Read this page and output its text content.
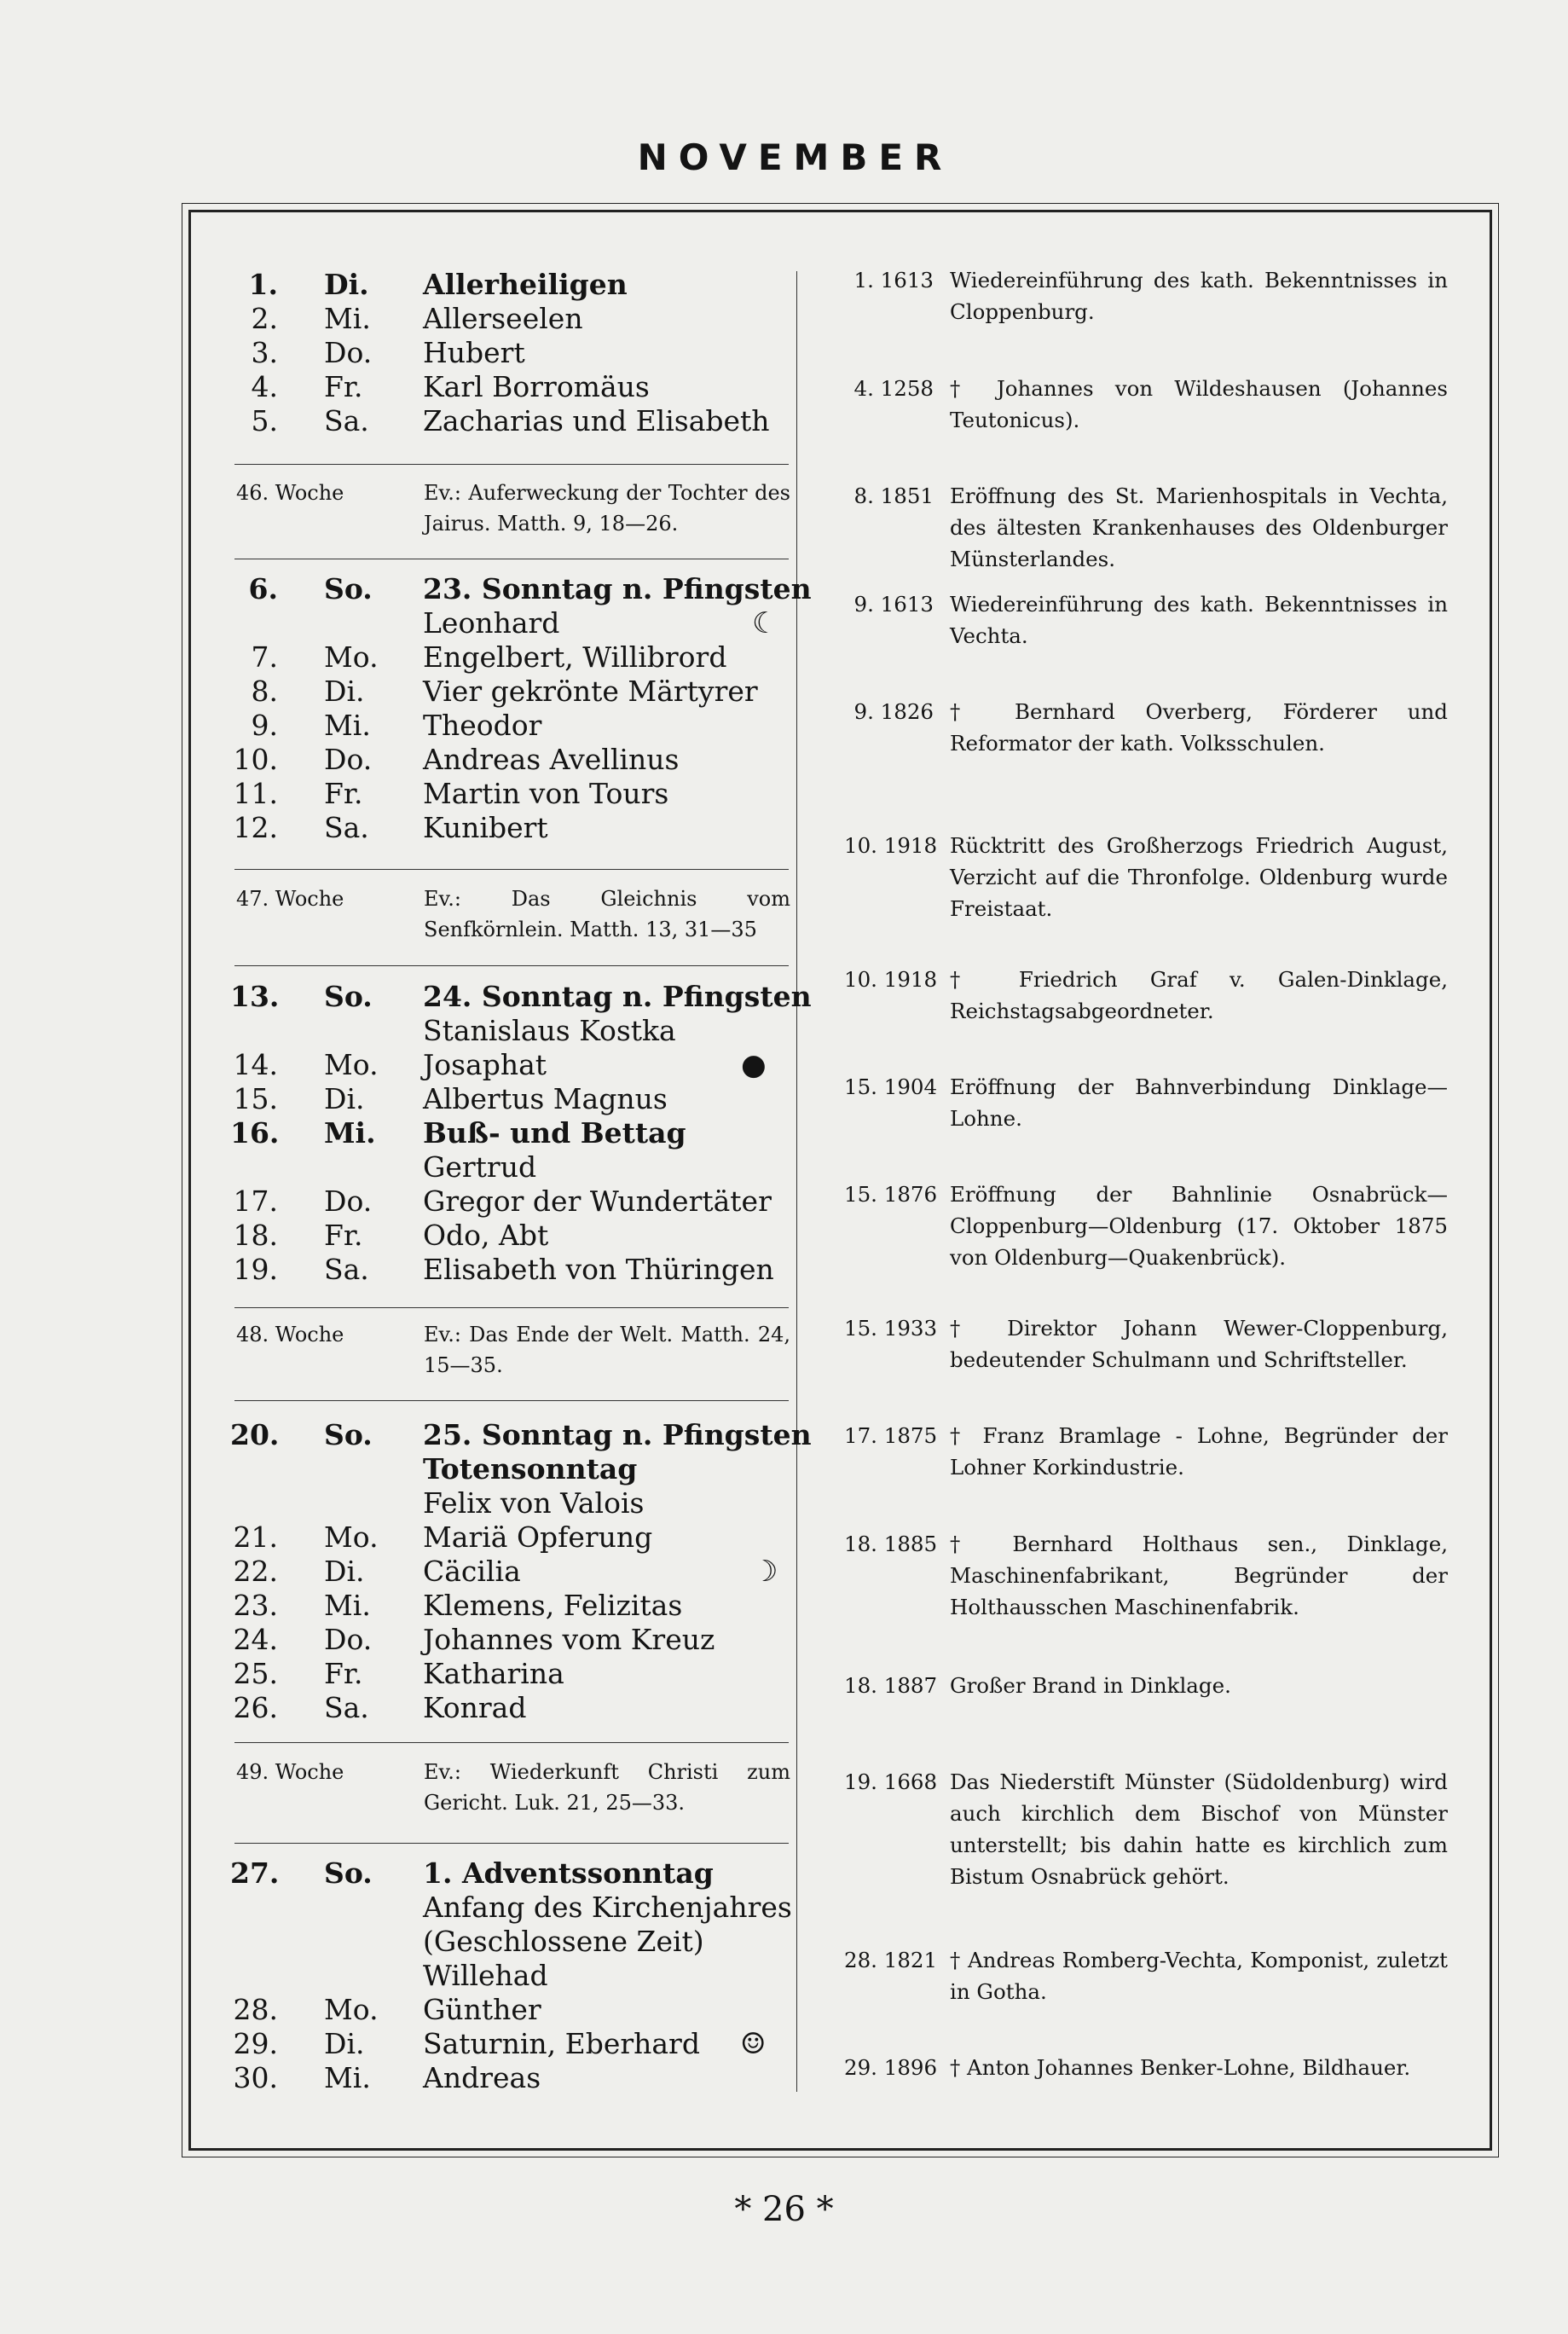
NOVEMBER
1. Di. Allerheiligen
2. Mi. Allerseelen
3. Do. Hubert
4. Fr. Karl Borromäus
5. Sa. Zacharias und Elisabeth
6. So. 23. Sonntag n. Pfingsten
Leonhard
7. Mo. Engelbert, Willibrord
8. Di. Vier gekrönte Märtyrer
9. Mi. Theodor
10. Do. Andreas Avellinus
11. Fr. Martin von Tours
12. Sa. Kunibert
13. So. 24. Sonntag n. Pfingsten
Stanislaus Kostka
14. Mo. Josaphat
15. Di. Albertus Magnus
16. Mi. Buß- und Bettag
Gertrud
17. Do. Gregor der Wundertäter
18. Fr. Odo, Abt
19. Sa. Elisabeth von Thüringen
20. So. 25. Sonntag n. Pfingsten
Totensonntag
Felix von Valois
21. Mo. Mariä Opferung
22. Di. Cäcilia
23. Mi. Klemens, Felizitas
24. Do. Johannes vom Kreuz
25. Fr. Katharina
26. Sa. Konrad
27. So. 1. Adventssonntag
Anfang des Kirchenjahres
(Geschlossene Zeit)
Willehad
28. Mo. Günther
29. Di. Saturnin, Eberhard
30. Mi. Andreas
46. Woche	Ev.: Auferweckung der Tochter des Jairus. Matth. 9, 18—26.
47. Woche	Ev.: Das Gleichnis vom Senfkörnlein. Matth. 13, 31—35
48. Woche	Ev.: Das Ende der Welt. Matth. 24, 15—35.
49. Woche	Ev.: Wiederkunft Christi zum Gericht. Luk. 21, 25—33.
☾
●
☽
☺
1. 1613 Wiedereinführung des kath. Bekenntnisses in Cloppenburg.
4. 1258 † Johannes von Wildeshausen (Johannes Teutonicus).
8. 1851 Eröffnung des St. Marienhospitals in Vechta, des ältesten Krankenhauses des Oldenburger Münsterlandes.
9. 1613 Wiedereinführung des kath. Bekenntnisses in Vechta.
9. 1826 † Bernhard Overberg, Förderer und Reformator der kath. Volksschulen.
10. 1918 Rücktritt des Großherzogs Friedrich August, Verzicht auf die Thronfolge. Oldenburg wurde Freistaat.
10. 1918 † Friedrich Graf v. Galen-Dinklage, Reichstagsabgeordneter.
15. 1904 Eröffnung der Bahnverbindung Dinklage—Lohne.
15. 1876 Eröffnung der Bahnlinie Osnabrück—Cloppenburg—Oldenburg (17. Oktober 1875 von Oldenburg—Quakenbrück).
15. 1933 † Direktor Johann Wewer-Cloppenburg, bedeutender Schulmann und Schriftsteller.
17. 1875 † Franz Bramlage - Lohne, Begründer der Lohner Korkindustrie.
18. 1885 † Bernhard Holthaus sen., Dinklage, Maschinenfabrikant, Begründer der Holthausschen Maschinenfabrik.
18. 1887 Großer Brand in Dinklage.
19. 1668 Das Niederstift Münster (Südoldenburg) wird auch kirchlich dem Bischof von Münster unterstellt; bis dahin hatte es kirchlich zum Bistum Osnabrück gehört.
28. 1821 † Andreas Romberg-Vechta, Komponist, zuletzt in Gotha.
29. 1896 † Anton Johannes Benker-Lohne, Bildhauer.
* 26 *
